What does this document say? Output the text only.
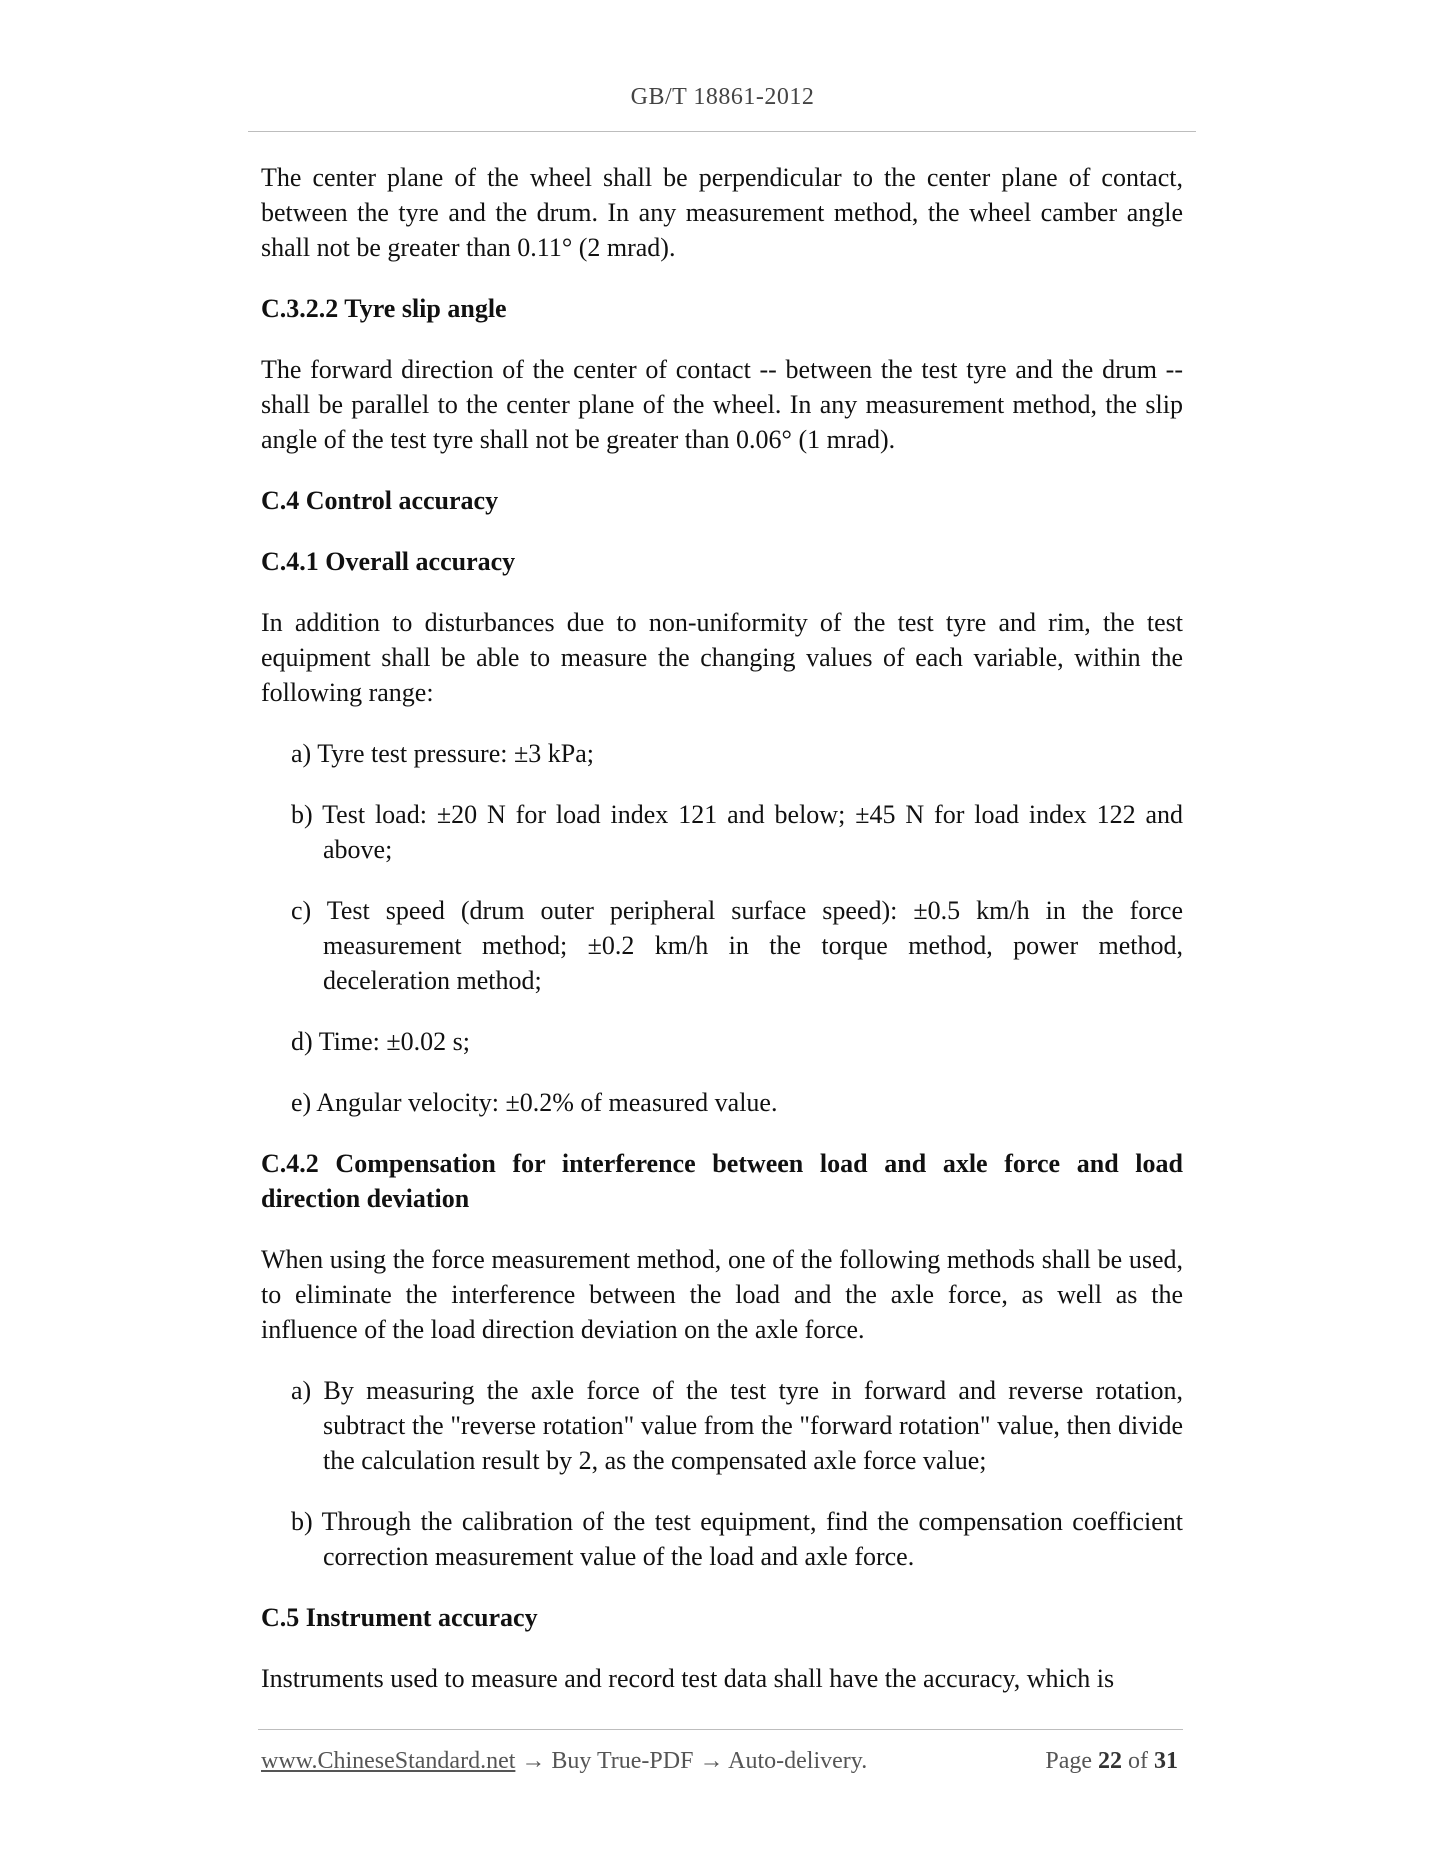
GB/T 18861-2012

The center plane of the wheel shall be perpendicular to the center plane of contact, between the tyre and the drum. In any measurement method, the wheel camber angle shall not be greater than 0.11° (2 mrad).

C.3.2.2 Tyre slip angle

The forward direction of the center of contact -- between the test tyre and the drum -- shall be parallel to the center plane of the wheel. In any measurement method, the slip angle of the test tyre shall not be greater than 0.06° (1 mrad).

C.4 Control accuracy
C.4.1 Overall accuracy

In addition to disturbances due to non-uniformity of the test tyre and rim, the test equipment shall be able to measure the changing values of each variable, within the following range:

a) Tyre test pressure: ±3 kPa;
b) Test load: ±20 N for load index 121 and below; ±45 N for load index 122 and above;
c) Test speed (drum outer peripheral surface speed): ±0.5 km/h in the force measurement method; ±0.2 km/h in the torque method, power method, deceleration method;
d) Time: ±0.02 s;
e) Angular velocity: ±0.2% of measured value.
C.4.2 Compensation for interference between load and axle force and load direction deviation

When using the force measurement method, one of the following methods shall be used, to eliminate the interference between the load and the axle force, as well as the influence of the load direction deviation on the axle force.

a) By measuring the axle force of the test tyre in forward and reverse rotation, subtract the "reverse rotation" value from the "forward rotation" value, then divide the calculation result by 2, as the compensated axle force value;
b) Through the calibration of the test equipment, find the compensation coefficient correction measurement value of the load and axle force.
C.5 Instrument accuracy

Instruments used to measure and record test data shall have the accuracy, which is

www.ChineseStandard.net → Buy True-PDF → Auto-delivery.	Page 22 of 31
